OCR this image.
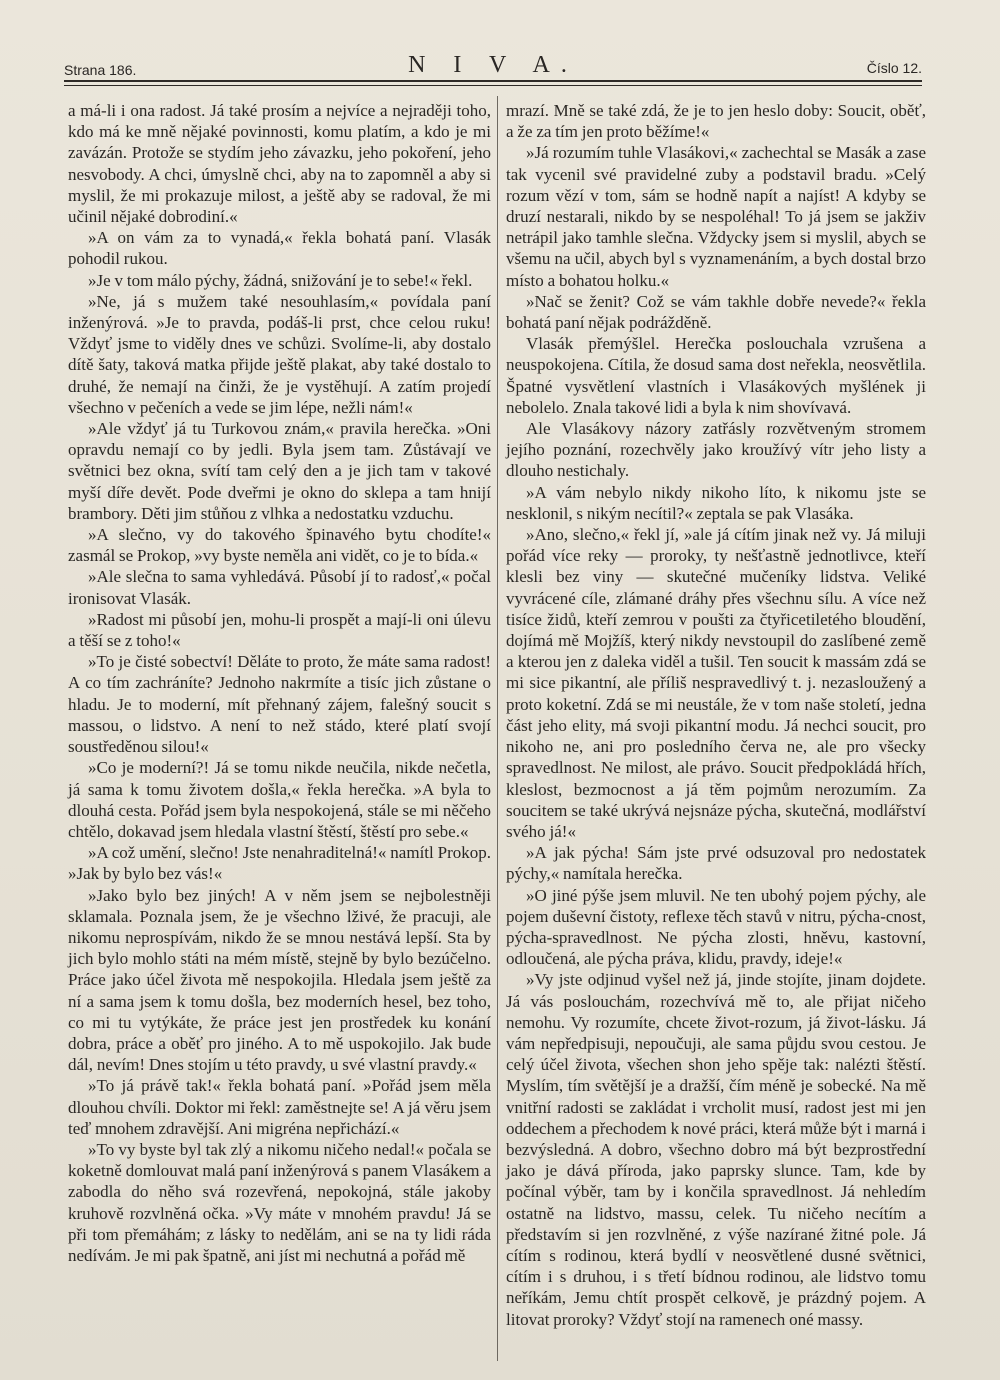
Strana 186.	N I V A.	Číslo 12.

a má-li i ona radost. Já také prosím a nejvíce a nejraději toho, kdo má ke mně nějaké povinnosti, komu platím, a kdo je mi zavázán. Protože se stydím jeho závazku, jeho pokoření, jeho nesvobody. A chci, úmyslně chci, aby na to zapomněl a aby si myslil, že mi prokazuje milost, a ještě aby se radoval, že mi učinil nějaké dobrodiní.«

»A on vám za to vynadá,« řekla bohatá paní. Vlasák pohodil rukou.

»Je v tom málo pýchy, žádná, snižování je to sebe!« řekl.

»Ne, já s mužem také nesouhlasím,« povídala paní inženýrová. »Je to pravda, podáš-li prst, chce celou ruku! Vždyť jsme to viděly dnes ve schůzi. Svolíme-li, aby dostalo dítě šaty, taková matka přijde ještě plakat, aby také dostalo to druhé, že nemají na činži, že je vystěhují. A zatím projedí všechno v pečeních a vede se jim lépe, nežli nám!«

»Ale vždyť já tu Turkovou znám,« pravila herečka. »Oni opravdu nemají co by jedli. Byla jsem tam. Zůstávají ve světnici bez okna, svítí tam celý den a je jich tam v takové myší díře devět. Pode dveřmi je okno do sklepa a tam hnijí brambory. Děti jim stůňou z vlhka a nedostatku vzduchu.

»A slečno, vy do takového špinavého bytu chodíte!« zasmál se Prokop, »vy byste neměla ani vidět, co je to bída.«

»Ale slečna to sama vyhledává. Působí jí to radosť,« počal ironisovat Vlasák.

»Radost mi působí jen, mohu-li prospět a mají-li oni úlevu a těší se z toho!«

»To je čisté sobectví! Děláte to proto, že máte sama radost! A co tím zachráníte? Jednoho nakrmíte a tisíc jich zůstane o hladu. Je to moderní, mít přehnaný zájem, falešný soucit s massou, o lidstvo. A není to než stádo, které platí svojí soustředěnou silou!«

»Co je moderní?! Já se tomu nikde neučila, nikde nečetla, já sama k tomu životem došla,« řekla herečka. »A byla to dlouhá cesta. Pořád jsem byla nespokojená, stále se mi něčeho chtělo, dokavad jsem hledala vlastní štěstí, štěstí pro sebe.«

»A což umění, slečno! Jste nenahraditelná!« namítl Prokop. »Jak by bylo bez vás!«

»Jako bylo bez jiných! A v něm jsem se nejbolestněji sklamala. Poznala jsem, že je všechno lživé, že pracuji, ale nikomu neprospívám, nikdo že se mnou nestává lepší. Sta by jich bylo mohlo státi na mém místě, stejně by bylo bezúčelno. Práce jako účel života mě nespokojila. Hledala jsem ještě za ní a sama jsem k tomu došla, bez moderních hesel, bez toho, co mi tu vytýkáte, že práce jest jen prostředek ku konání dobra, práce a oběť pro jiného. A to mě uspokojilo. Jak bude dál, nevím! Dnes stojím u této pravdy, u své vlastní pravdy.«

»To já právě tak!« řekla bohatá paní. »Pořád jsem měla dlouhou chvíli. Doktor mi řekl: zaměstnejte se! A já věru jsem teď mnohem zdravější. Ani migréna nepřichází.«

»To vy byste byl tak zlý a nikomu ničeho nedal!« počala se koketně domlouvat malá paní inženýrová s panem Vlasákem a zabodla do něho svá rozevřená, nepokojná, stále jakoby kruhově rozvlněná očka. »Vy máte v mnohém pravdu! Já se při tom přemáhám; z lásky to nedělám, ani se na ty lidi ráda nedívám. Je mi pak špatně, ani jíst mi nechutná a pořád mě

mrazí. Mně se také zdá, že je to jen heslo doby: Soucit, oběť, a že za tím jen proto běžíme!«

»Já rozumím tuhle Vlasákovi,« zachechtal se Masák a zase tak vycenil své pravidelné zuby a podstavil bradu. »Celý rozum vězí v tom, sám se hodně napít a najíst! A kdyby se druzí nestarali, nikdo by se nespoléhal! To já jsem se jakživ netrápil jako tamhle slečna. Vždycky jsem si myslil, abych se všemu na učil, abych byl s vyznamenáním, a bych dostal brzo místo a bohatou holku.«

»Nač se ženit? Což se vám takhle dobře nevede?« řekla bohatá paní nějak podrážděně.

Vlasák přemýšlel. Herečka poslouchala vzrušena a neuspokojena. Cítila, že dosud sama dost neřekla, neosvětlila. Špatné vysvětlení vlastních i Vlasákových myšlének ji nebolelo. Znala takové lidi a byla k nim shovívavá.

Ale Vlasákovy názory zatřásly rozvětveným stromem jejího poznání, rozechvěly jako kroužívý vítr jeho listy a dlouho nestichaly.

»A vám nebylo nikdy nikoho líto, k nikomu jste se nesklonil, s nikým necítil?« zeptala se pak Vlasáka.

»Ano, slečno,« řekl jí, »ale já cítím jinak než vy. Já miluji pořád více reky — proroky, ty nešťastně jednotlivce, kteří klesli bez viny — skutečné mučeníky lidstva. Veliké vyvrácené cíle, zlámané dráhy přes všechnu sílu. A více než tisíce židů, kteří zemrou v poušti za čtyřicetiletého bloudění, dojímá mě Mojžíš, který nikdy nevstoupil do zaslíbené země a kterou jen z daleka viděl a tušil. Ten soucit k massám zdá se mi sice pikantní, ale příliš nespravedlivý t. j. nezasloužený a proto koketní. Zdá se mi neustále, že v tom naše století, jedna část jeho elity, má svoji pikantní modu. Já nechci soucit, pro nikoho ne, ani pro posledního červa ne, ale pro všecky spravedlnost. Ne milost, ale právo. Soucit předpokládá hřích, kleslost, bezmocnost a já těm pojmům nerozumím. Za soucitem se také ukrývá nejsnáze pýcha, skutečná, modlářství svého já!«

»A jak pýcha! Sám jste prvé odsuzoval pro nedostatek pýchy,« namítala herečka.

»O jiné pýše jsem mluvil. Ne ten ubohý pojem pýchy, ale pojem duševní čistoty, reflexe těch stavů v nitru, pýcha-cnost, pýcha-spravedlnost. Ne pýcha zlosti, hněvu, kastovní, odloučená, ale pýcha práva, klidu, pravdy, ideje!«

»Vy jste odjinud vyšel než já, jinde stojíte, jinam dojdete. Já vás poslouchám, rozechvívá mě to, ale přijat ničeho nemohu. Vy rozumíte, chcete život-rozum, já život-lásku. Já vám nepředpisuji, nepoučuji, ale sama půjdu svou cestou. Je celý účel života, všechen shon jeho spěje tak: nalézti štěstí. Myslím, tím světější je a dražší, čím méně je sobecké. Na mě vnitřní radosti se zakládat i vrcholit musí, radost jest mi jen oddechem a přechodem k nové práci, která může být i marná i bezvýsledná. A dobro, všechno dobro má být bezprostřední jako je dává příroda, jako paprsky slunce. Tam, kde by počínal výběr, tam by i končila spravedlnost. Já nehledím ostatně na lidstvo, massu, celek. Tu ničeho necítím a představím si jen rozvlněné, z výše nazírané žitné pole. Já cítím s rodinou, která bydlí v neosvětlené dusné světnici, cítím i s druhou, i s třetí bídnou rodinou, ale lidstvo tomu neříkám, Jemu chtít prospět celkově, je prázdný pojem. A litovat proroky? Vždyť stojí na ramenech oné massy.
